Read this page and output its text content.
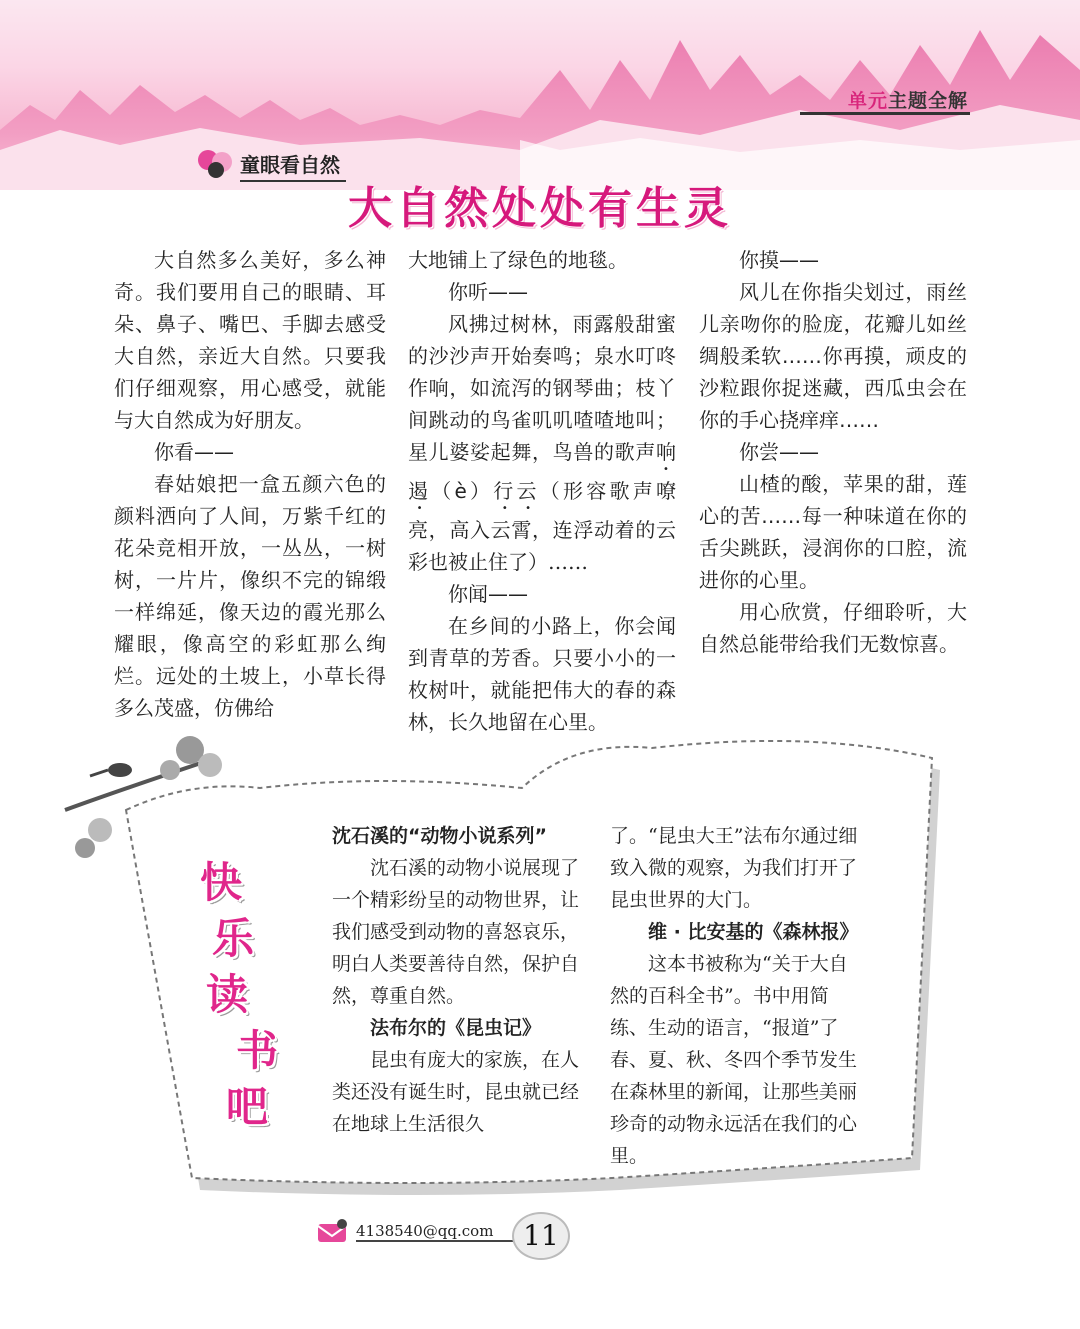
单元主题全解
童眼看自然
大自然处处有生灵

大自然多么美好，多么神奇。我们要用自己的眼睛、耳朵、鼻子、嘴巴、手脚去感受大自然，亲近大自然。只要我们仔细观察，用心感受，就能与大自然成为好朋友。

你看——

春姑娘把一盒五颜六色的颜料洒向了人间，万紫千红的花朵竞相开放，一丛丛，一树树，一片片，像织不完的锦缎一样绵延，像天边的霞光那么耀眼，像高空的彩虹那么绚烂。远处的土坡上，小草长得多么茂盛，仿佛给

大地铺上了绿色的地毯。

你听——

风拂过树林，雨露般甜蜜的沙沙声开始奏鸣；泉水叮咚作响，如流泻的钢琴曲；枝丫间跳动的鸟雀叽叽喳喳地叫；星儿婆娑起舞，鸟兽的歌声响遏（è）行云（形容歌声嘹亮，高入云霄，连浮动着的云彩也被止住了）……

你闻——

在乡间的小路上，你会闻到青草的芳香。只要小小的一枚树叶，就能把伟大的春的森林，长久地留在心里。

你摸——

风儿在你指尖划过，雨丝儿亲吻你的脸庞，花瓣儿如丝绸般柔软……你再摸，顽皮的沙粒跟你捉迷藏，西瓜虫会在你的手心挠痒痒……

你尝——

山楂的酸，苹果的甜，莲心的苦……每一种味道在你的舌尖跳跃，浸润你的口腔，流进你的心里。

用心欣赏，仔细聆听，大自然总能带给我们无数惊喜。

快
乐
读
书
吧

沈石溪的“动物小说系列”

沈石溪的动物小说展现了一个精彩纷呈的动物世界，让我们感受到动物的喜怒哀乐，明白人类要善待自然，保护自然，尊重自然。

法布尔的《昆虫记》

昆虫有庞大的家族，在人类还没有诞生时，昆虫就已经在地球上生活很久

了。“昆虫大王”法布尔通过细致入微的观察，为我们打开了昆虫世界的大门。

维 · 比安基的《森林报》

这本书被称为“关于大自然的百科全书”。书中用简练、生动的语言，“报道”了春、夏、秋、冬四个季节发生在森林里的新闻，让那些美丽珍奇的动物永远活在我们的心里。

4138540@qq.com	11
